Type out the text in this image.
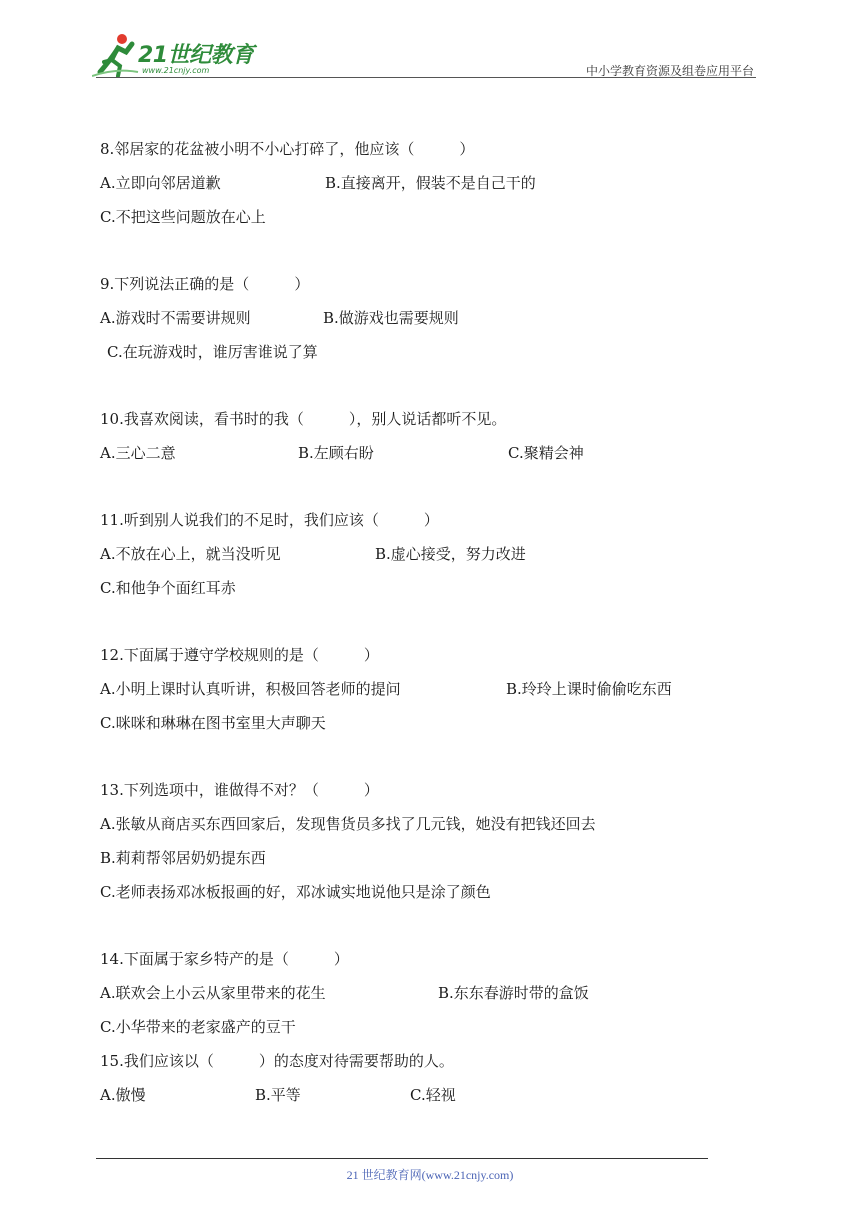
21世纪教育
www.21cnjy.com	中小学教育资源及组卷应用平台
8.邻居家的花盆被小明不小心打碎了，他应该（　　　）
A.立即向邻居道歉	B.直接离开，假装不是自己干的
C.不把这些问题放在心上
9.下列说法正确的是（　　　）
A.游戏时不需要讲规则	B.做游戏也需要规则
C.在玩游戏时，谁厉害谁说了算
10.我喜欢阅读，看书时的我（　　　），别人说话都听不见。
A.三心二意	B.左顾右盼	C.聚精会神
11.听到别人说我们的不足时，我们应该（　　　）
A.不放在心上，就当没听见	B.虚心接受，努力改进
C.和他争个面红耳赤
12.下面属于遵守学校规则的是（　　　）
A.小明上课时认真听讲，积极回答老师的提问	B.玲玲上课时偷偷吃东西
C.咪咪和琳琳在图书室里大声聊天
13.下列选项中，谁做得不对？（　　　）
A.张敏从商店买东西回家后，发现售货员多找了几元钱，她没有把钱还回去
B.莉莉帮邻居奶奶提东西
C.老师表扬邓冰板报画的好，邓冰诚实地说他只是涂了颜色
14.下面属于家乡特产的是（　　　）
A.联欢会上小云从家里带来的花生	B.东东春游时带的盒饭
C.小华带来的老家盛产的豆干
15.我们应该以（　　　）的态度对待需要帮助的人。
A.傲慢	B.平等	C.轻视
21 世纪教育网(www.21cnjy.com)
